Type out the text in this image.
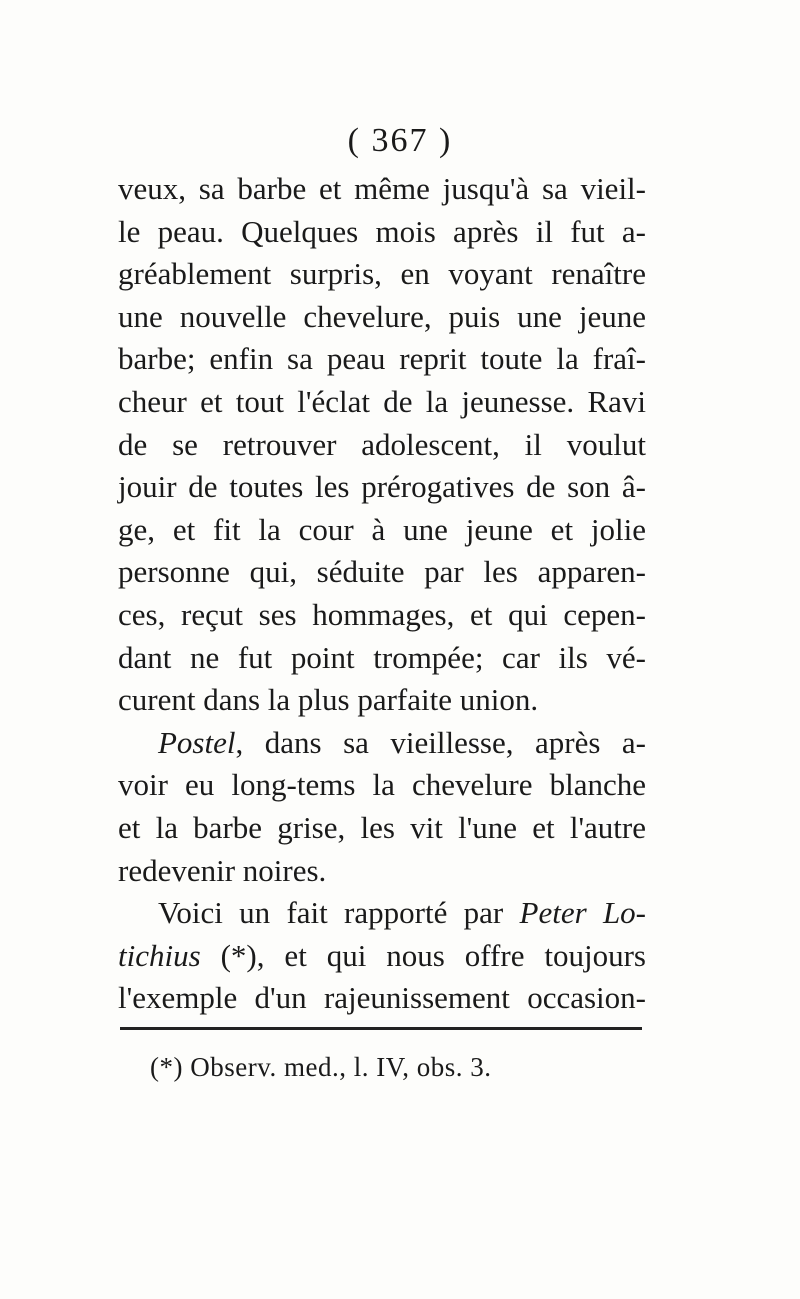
( 367 )
veux, sa barbe et même jusqu'à sa vieil-
le peau. Quelques mois après il fut a-
gréablement surpris, en voyant renaître
une nouvelle chevelure, puis une jeune
barbe; enfin sa peau reprit toute la fraî-
cheur et tout l'éclat de la jeunesse. Ravi
de se retrouver adolescent, il voulut
jouir de toutes les prérogatives de son â-
ge, et fit la cour à une jeune et jolie
personne qui, séduite par les apparen-
ces, reçut ses hommages, et qui cepen-
dant ne fut point trompée; car ils vé-
curent dans la plus parfaite union.
Postel, dans sa vieillesse, après a-
voir eu long-tems la chevelure blanche
et la barbe grise, les vit l'une et l'autre
redevenir noires.
Voici un fait rapporté par Peter Lo-
tichius (*), et qui nous offre toujours
l'exemple d'un rajeunissement occasion-
(*) Observ. med., l. IV, obs. 3.
